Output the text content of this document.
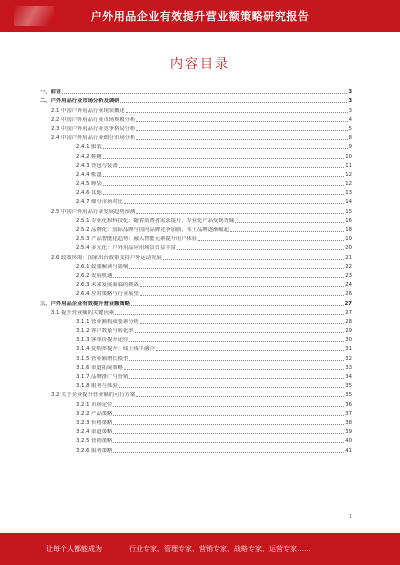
户外用品企业有效提升营业额策略研究报告
内容目录
一、前言	3
二、户外用品行业市场分析及调研	3
2.1 中国户外用品行业现状概述	3
2.2 中国户外用品行业市场规模分析	4
2.3 中国户外用品行业竞争格局分析	5
2.4 中国户外用品行业细分市场分析	8
2.4.1 服装	9
2.4.2 鞋靴	10
2.4.3 背包与装备	11
2.4.4 帐篷	12
2.4.5 睡袋	12
2.4.6 其他	13
2.4.7 细分市场对比	14
2.5 中国户外用品行业发展趋势预测	15
2.5.1 专业化和科技化：随着消费者需求提升，专业化产品受到青睐	16
2.5.2 品牌化：国际品牌与国内品牌竞争加剧，本土品牌逐渐崛起	18
2.5.3 产品智能化趋势：融入智能元素提升用户体验	19
2.5.4 多元化：户外用品应用场景日益丰富	20
2.6 政策环境：国家出台政策支持户外运动发展	21
2.6.1 政策解读与影响	22
2.6.2 发展机遇	23
2.6.3 未来发展面临的挑战	24
2.6.4 应对策略与行业展望	26
三、户外用品企业有效提升营业额策略	27
3.1 提升营业额的关键因素	27
3.1.1 营业额构成要素分析	28
3.1.2 客户数量与转化率	29
3.1.3 客单价提升途径	30
3.1.4 复购率提升：线上线下融合	31
3.1.5 营业额增长模型	32
3.1.6 渠道拓展策略	33
3.1.7 品牌推广与营销	34
3.1.8 服务与体验	35
3.2 关于企业提升营业额的可行方案	35
3.2.1 市场定位	36
3.2.2 产品策略	37
3.2.3 价格策略	38
3.2.4 渠道策略	39
3.2.5 营销策略	40
3.2.6 服务策略	41
1
让每个人都能成为	行业专家、管理专家、营销专家、战略专家、运营专家……
